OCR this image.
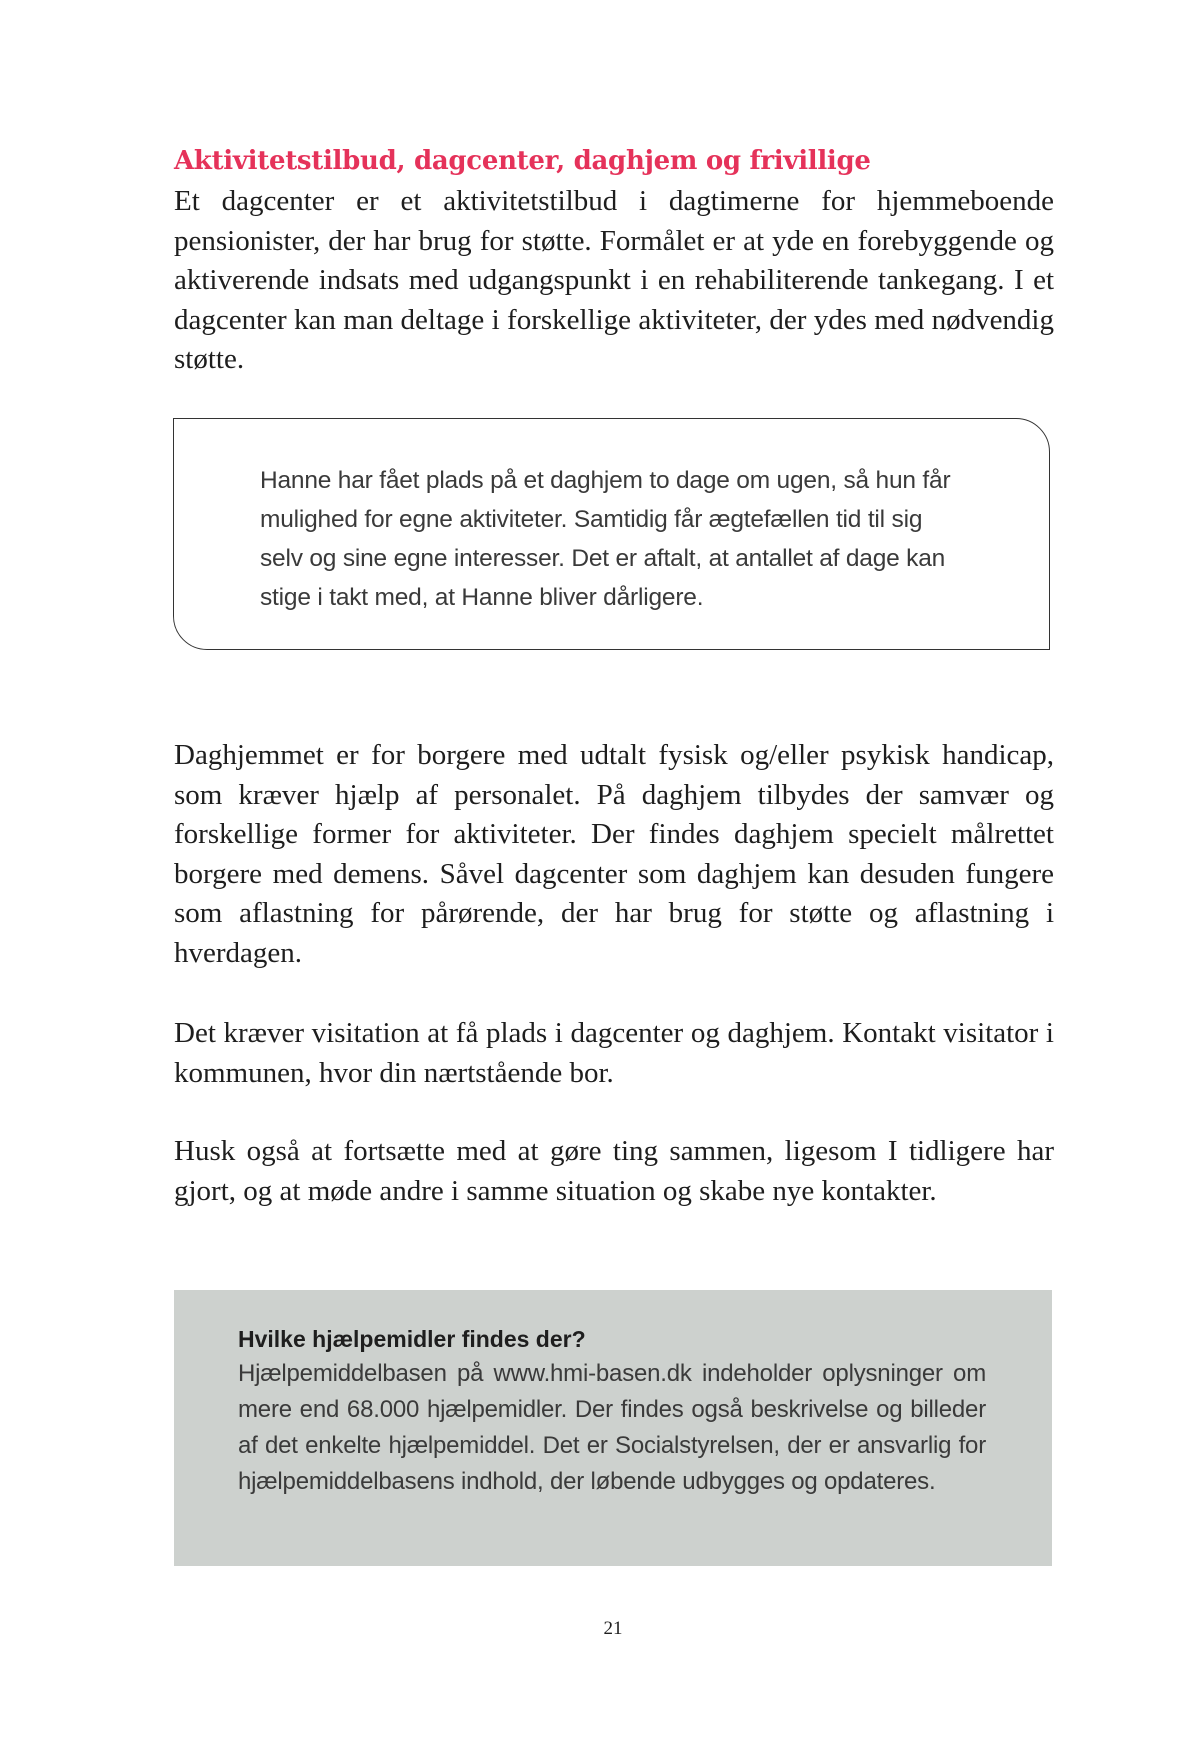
Aktivitetstilbud, dagcenter, daghjem og frivillige

Et dagcenter er et aktivitetstilbud i dagtimerne for hjemmeboende pensionister, der har brug for støtte. Formålet er at yde en forebyggende og aktiverende indsats med udgangspunkt i en rehabiliterende tankegang. I et dagcenter kan man deltage i forskellige aktiviteter, der ydes med nødvendig støtte.

Hanne har fået plads på et daghjem to dage om ugen, så hun får mulighed for egne aktiviteter. Samtidig får ægtefællen tid til sig selv og sine egne interesser. Det er aftalt, at antallet af dage kan stige i takt med, at Hanne bliver dårligere.

Daghjemmet er for borgere med udtalt fysisk og/eller psykisk handicap, som kræver hjælp af personalet. På daghjem tilbydes der samvær og forskellige former for aktiviteter. Der findes daghjem specielt målrettet borgere med demens. Såvel dagcenter som daghjem kan desuden fungere som aflastning for pårørende, der har brug for støtte og aflastning i hverdagen.

Det kræver visitation at få plads i dagcenter og daghjem. Kontakt visitator i kommunen, hvor din nærtstående bor.

Husk også at fortsætte med at gøre ting sammen, ligesom I tidligere har gjort, og at møde andre i samme situation og skabe nye kontakter.

Hvilke hjælpemidler findes der?

Hjælpemiddelbasen på www.hmi-basen.dk indeholder oplysninger om mere end 68.000 hjælpemidler. Der findes også beskrivelse og billeder af det enkelte hjælpemiddel. Det er Socialstyrelsen, der er ansvarlig for hjælpemiddelbasens indhold, der løbende udbygges og opdateres.

21
